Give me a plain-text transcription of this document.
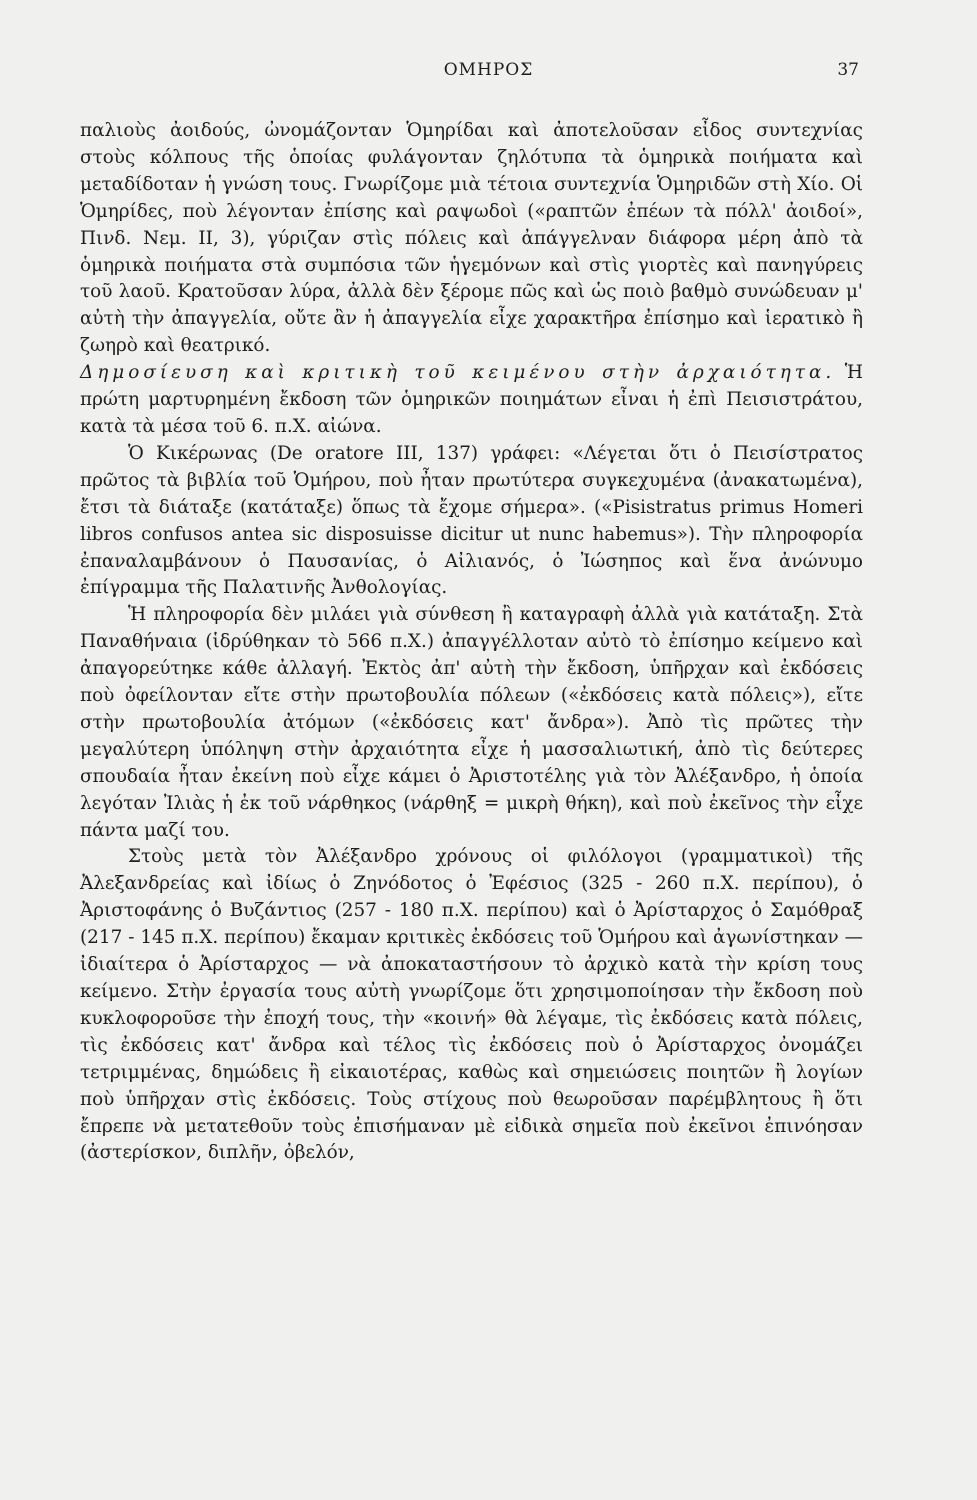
ΟΜΗΡΟΣ	37

παλιοὺς ἀοιδούς, ὠνομάζονταν Ὁμηρίδαι καὶ ἀποτελοῦσαν εἶδος συντεχνίας στοὺς κόλπους τῆς ὁποίας φυλάγονταν ζηλότυπα τὰ ὁμηρικὰ ποιήματα καὶ μεταδίδοταν ἡ γνώση τους. Γνωρίζομε μιὰ τέτοια συντεχνία Ὁμηριδῶν στὴ Χίο. Οἱ Ὁμηρίδες, ποὺ λέγονταν ἐπίσης καὶ ραψωδοὶ («ραπτῶν ἐπέων τὰ πόλλ' ἀοιδοί», Πινδ. Νεμ. ΙΙ, 3), γύριζαν στὶς πόλεις καὶ ἀπάγγελναν διάφορα μέρη ἀπὸ τὰ ὁμηρικὰ ποιήματα στὰ συμπόσια τῶν ἡγεμόνων καὶ στὶς γιορτὲς καὶ πανηγύρεις τοῦ λαοῦ. Κρατοῦσαν λύρα, ἀλλὰ δὲν ξέρομε πῶς καὶ ὡς ποιὸ βαθμὸ συνώδευαν μ' αὐτὴ τὴν ἀπαγγελία, οὔτε ἂν ἡ ἀπαγγελία εἶχε χαρακτῆρα ἐπίσημο καὶ ἱερατικὸ ἢ ζωηρὸ καὶ θεατρικό.

Δημοσίευση καὶ κριτικὴ τοῦ κειμένου στὴν ἀρχαιότητα. Ἡ πρώτη μαρτυρημένη ἔκδοση τῶν ὁμηρικῶν ποιημάτων εἶναι ἡ ἐπὶ Πεισιστράτου, κατὰ τὰ μέσα τοῦ 6. π.Χ. αἰώνα.

Ὁ Κικέρωνας (De oratore III, 137) γράφει: «Λέγεται ὅτι ὁ Πεισίστρατος πρῶτος τὰ βιβλία τοῦ Ὁμήρου, ποὺ ἦταν πρωτύτερα συγκεχυμένα (ἀνακατωμένα), ἔτσι τὰ διάταξε (κατάταξε) ὅπως τὰ ἔχομε σήμερα». («Pisistratus primus Homeri libros confusos antea sic disposuisse dicitur ut nunc habemus»). Τὴν πληροφορία ἐπαναλαμβάνουν ὁ Παυσανίας, ὁ Αἰλιανός, ὁ Ἰώσηπος καὶ ἕνα ἀνώνυμο ἐπίγραμμα τῆς Παλατινῆς Ἀνθολογίας.

Ἡ πληροφορία δὲν μιλάει γιὰ σύνθεση ἢ καταγραφὴ ἀλλὰ γιὰ κατάταξη. Στὰ Παναθήναια (ἱδρύθηκαν τὸ 566 π.Χ.) ἀπαγγέλλοταν αὐτὸ τὸ ἐπίσημο κείμενο καὶ ἀπαγορεύτηκε κάθε ἀλλαγή. Ἐκτὸς ἀπ' αὐτὴ τὴν ἔκδοση, ὑπῆρχαν καὶ ἐκδόσεις ποὺ ὀφείλονταν εἴτε στὴν πρωτοβουλία πόλεων («ἐκδόσεις κατὰ πόλεις»), εἴτε στὴν πρωτοβουλία ἀτόμων («ἐκδόσεις κατ' ἄνδρα»). Ἀπὸ τὶς πρῶτες τὴν μεγαλύτερη ὑπόληψη στὴν ἀρχαιότητα εἶχε ἡ μασσαλιωτική, ἀπὸ τὶς δεύτερες σπουδαία ἦταν ἐκείνη ποὺ εἶχε κάμει ὁ Ἀριστοτέλης γιὰ τὸν Ἀλέξανδρο, ἡ ὁποία λεγόταν Ἰλιὰς ἡ ἐκ τοῦ νάρθηκος (νάρθηξ = μικρὴ θήκη), καὶ ποὺ ἐκεῖνος τὴν εἶχε πάντα μαζί του.

Στοὺς μετὰ τὸν Ἀλέξανδρο χρόνους οἱ φιλόλογοι (γραμματικοὶ) τῆς Ἀλεξανδρείας καὶ ἰδίως ὁ Ζηνόδοτος ὁ Ἐφέσιος (325 - 260 π.Χ. περίπου), ὁ Ἀριστοφάνης ὁ Βυζάντιος (257 - 180 π.Χ. περίπου) καὶ ὁ Ἀρίσταρχος ὁ Σαμόθραξ (217 - 145 π.Χ. περίπου) ἔκαμαν κριτικὲς ἐκδόσεις τοῦ Ὁμήρου καὶ ἀγωνίστηκαν — ἰδιαίτερα ὁ Ἀρίσταρχος — νὰ ἀποκαταστήσουν τὸ ἀρχικὸ κατὰ τὴν κρίση τους κείμενο. Στὴν ἐργασία τους αὐτὴ γνωρίζομε ὅτι χρησιμοποίησαν τὴν ἔκδοση ποὺ κυκλοφοροῦσε τὴν ἐποχή τους, τὴν «κοινή» θὰ λέγαμε, τὶς ἐκδόσεις κατὰ πόλεις, τὶς ἐκδόσεις κατ' ἄνδρα καὶ τέλος τὶς ἐκδόσεις ποὺ ὁ Ἀρίσταρχος ὀνομάζει τετριμμένας, δημώδεις ἢ εἰκαιοτέρας, καθὼς καὶ σημειώσεις ποιητῶν ἢ λογίων ποὺ ὑπῆρχαν στὶς ἐκδόσεις. Τοὺς στίχους ποὺ θεωροῦσαν παρέμβλητους ἢ ὅτι ἔπρεπε νὰ μετατεθοῦν τοὺς ἐπισήμαναν μὲ εἰδικὰ σημεῖα ποὺ ἐκεῖνοι ἐπινόησαν (ἀστερίσκον, διπλῆν, ὀβελόν,
